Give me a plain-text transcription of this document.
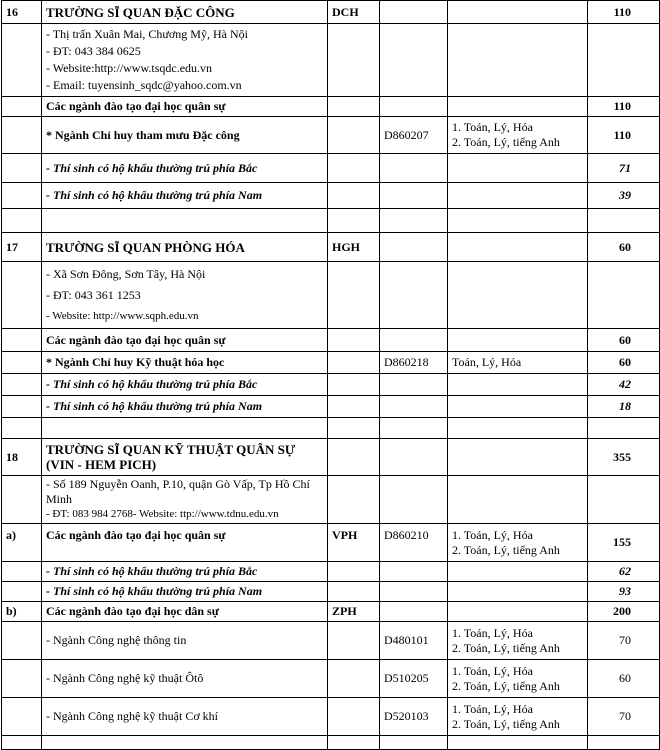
16	TRƯỜNG SĨ QUAN ĐẶC CÔNG	DCH			110

	- Thị trấn Xuân Mai, Chương Mỹ, Hà Nội
- ĐT: 043 384 0625
- Website:http://www.tsqdc.edu.vn
- Email: tuyensinh_sqdc@yahoo.com.vn				

	Các ngành đào tạo đại học quân sự				110
	* Ngành Chỉ huy tham mưu Đặc công		D860207	1. Toán, Lý, Hóa
2. Toán, Lý, tiếng Anh	110
	- Thí sinh có hộ khẩu thường trú phía Bắc				71
	- Thí sinh có hộ khẩu thường trú phía Nam				39

17	TRƯỜNG SĨ QUAN PHÒNG HÓA	HGH			60

	- Xã Sơn Đông, Sơn Tây, Hà Nội
- ĐT: 043 361 1253
- Website: http://www.sqph.edu.vn				

	Các ngành đào tạo đại học quân sự				60
	* Ngành Chỉ huy Kỹ thuật hóa học		D860218	Toán, Lý, Hóa	60
	- Thí sinh có hộ khẩu thường trú phía Bắc				42
	- Thí sinh có hộ khẩu thường trú phía Nam				18

18	TRƯỜNG SĨ QUAN KỸ THUẬT QUÂN SỰ (VIN - HEM PICH)				355

	- Số 189 Nguyễn Oanh, P.10, quận Gò Vấp, Tp Hồ Chí Minh
- ĐT: 083 984 2768- Website: ttp://www.tdnu.edu.vn				

a)	Các ngành đào tạo đại học quân sự	VPH	D860210	1. Toán, Lý, Hóa
2. Toán, Lý, tiếng Anh	155
	- Thí sinh có hộ khẩu thường trú phía Bắc				62
	- Thí sinh có hộ khẩu thường trú phía Nam				93
b)	Các ngành đào tạo đại học dân sự	ZPH			200
	- Ngành Công nghệ thông tin		D480101	1. Toán, Lý, Hóa
2. Toán, Lý, tiếng Anh	70
	- Ngành Công nghệ kỹ thuật Ôtô		D510205	1. Toán, Lý, Hóa
2. Toán, Lý, tiếng Anh	60
	- Ngành Công nghệ kỹ thuật Cơ khí		D520103	1. Toán, Lý, Hóa
2. Toán, Lý, tiếng Anh	70
